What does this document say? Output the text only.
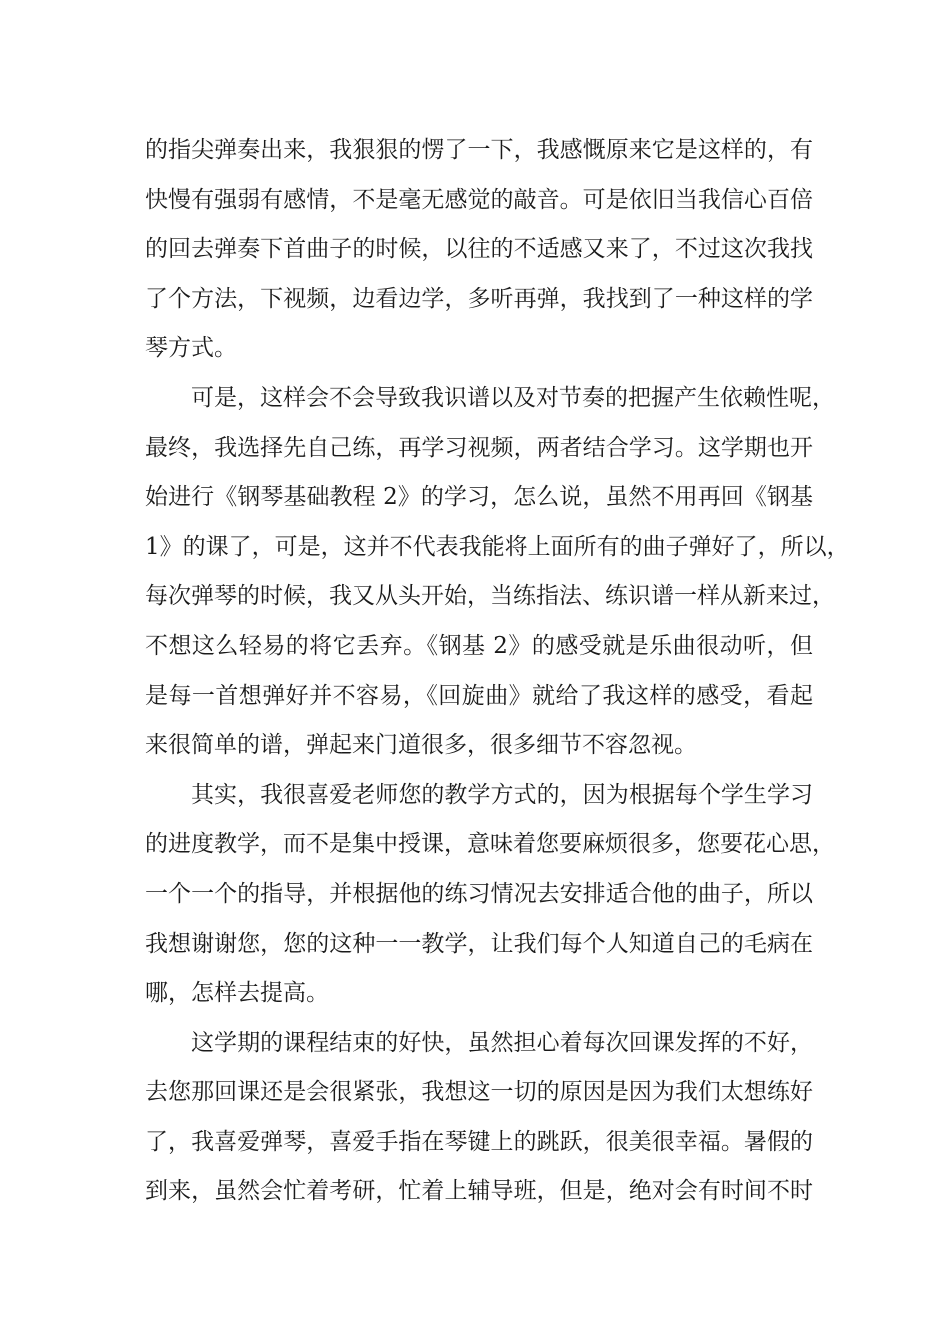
的指尖弹奏出来，我狠狠的愣了一下，我感慨原来它是这样的，有
快慢有强弱有感情，不是毫无感觉的敲音。可是依旧当我信心百倍
的回去弹奏下首曲子的时候，以往的不适感又来了，不过这次我找
了个方法，下视频，边看边学，多听再弹，我找到了一种这样的学
琴方式。
可是，这样会不会导致我识谱以及对节奏的把握产生依赖性呢，
最终，我选择先自己练，再学习视频，两者结合学习。这学期也开
始进行《钢琴基础教程 2》的学习，怎么说，虽然不用再回《钢基
1》的课了，可是，这并不代表我能将上面所有的曲子弹好了，所以，
每次弹琴的时候，我又从头开始，当练指法、练识谱一样从新来过，
不想这么轻易的将它丢弃。《钢基 2》的感受就是乐曲很动听，但
是每一首想弹好并不容易，《回旋曲》就给了我这样的感受，看起
来很简单的谱，弹起来门道很多，很多细节不容忽视。
其实，我很喜爱老师您的教学方式的，因为根据每个学生学习
的进度教学，而不是集中授课，意味着您要麻烦很多，您要花心思，
一个一个的指导，并根据他的练习情况去安排适合他的曲子，所以
我想谢谢您，您的这种一一教学，让我们每个人知道自己的毛病在
哪，怎样去提高。
这学期的课程结束的好快，虽然担心着每次回课发挥的不好，
去您那回课还是会很紧张，我想这一切的原因是因为我们太想练好
了，我喜爱弹琴，喜爱手指在琴键上的跳跃，很美很幸福。暑假的
到来，虽然会忙着考研，忙着上辅导班，但是，绝对会有时间不时
